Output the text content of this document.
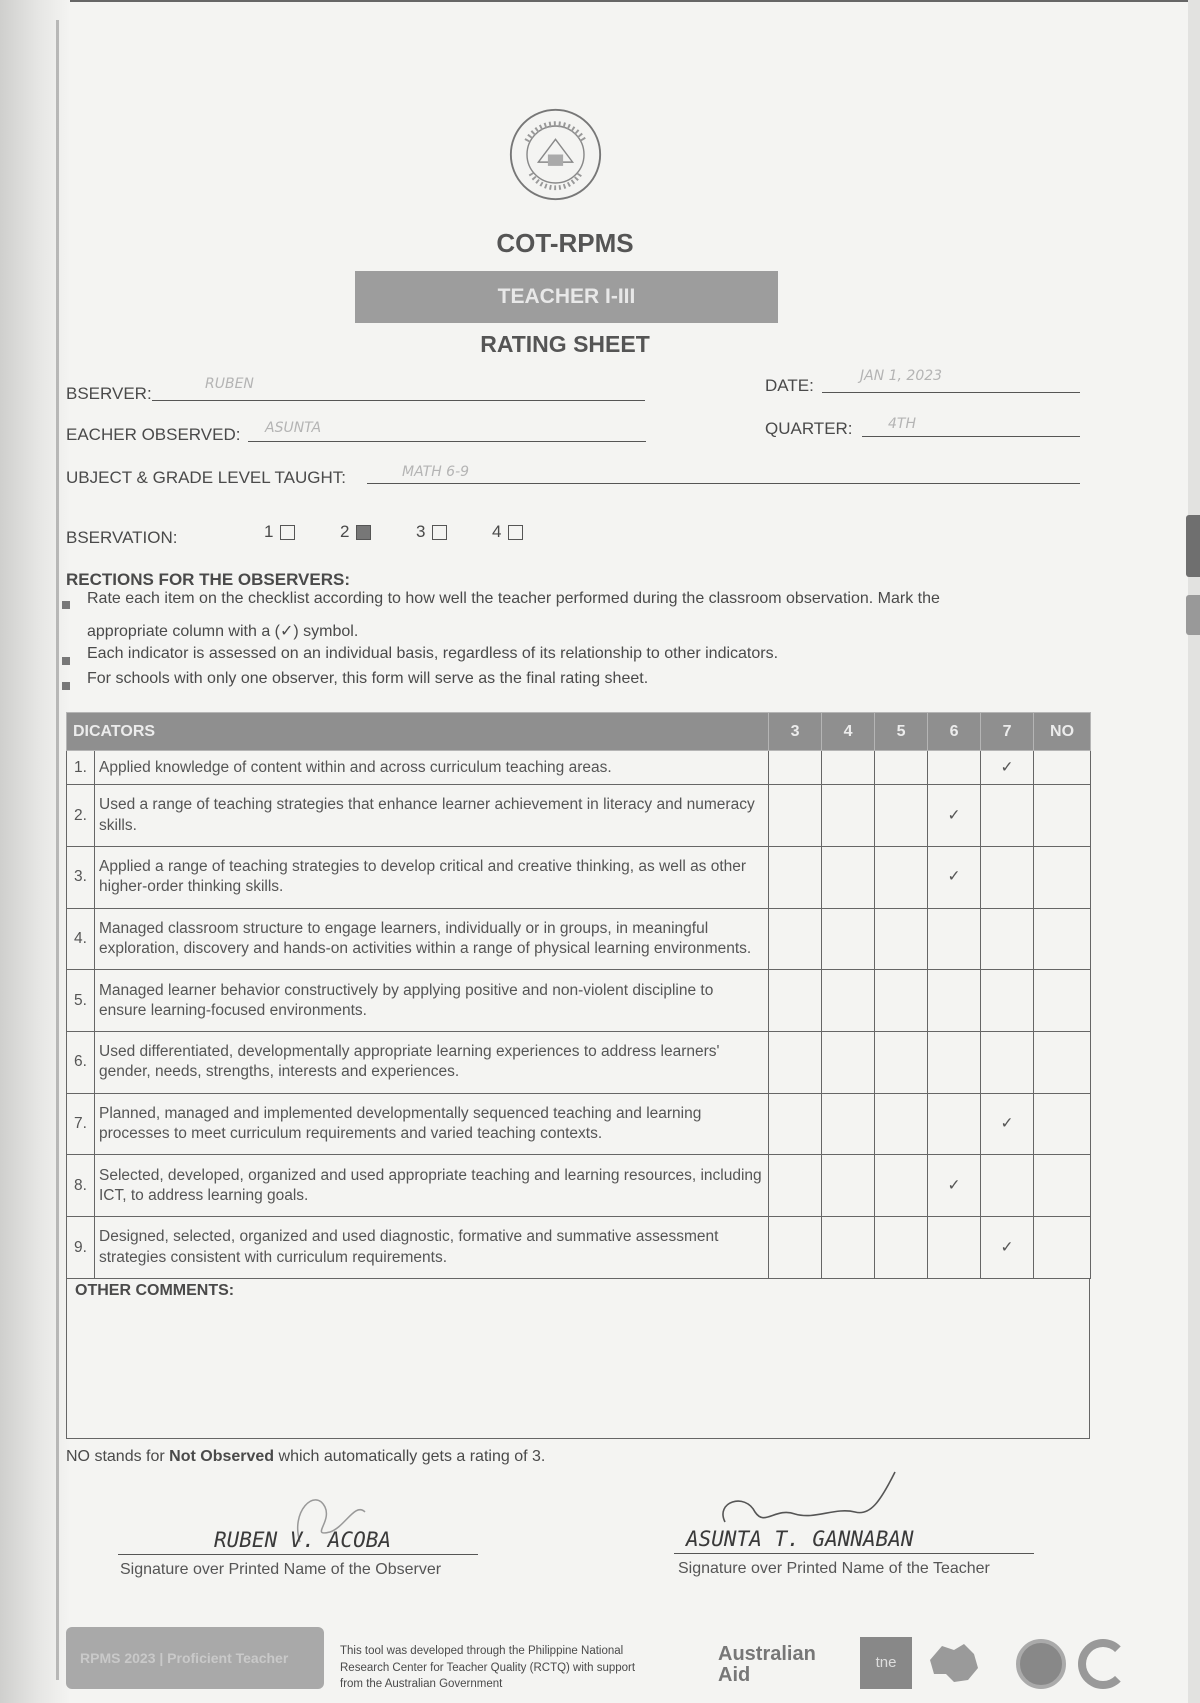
COT-RPMS
TEACHER I-III
RATING SHEET
BSERVER:	RUBEN	DATE:	JAN 1, 2023
EACHER OBSERVED: ASUNTA	QUARTER:	4TH
UBJECT & GRADE LEVEL TAUGHT:	MATH 6-9
BSERVATION:	1	2	3	4
RECTIONS FOR THE OBSERVERS:
Rate each item on the checklist according to how well the teacher performed during the classroom observation. Mark the
appropriate column with a (✓) symbol.
Each indicator is assessed on an individual basis, regardless of its relationship to other indicators.
For schools with only one observer, this form will serve as the final rating sheet.
DICATORS		3	4	5	6	7	NO
1.	Applied knowledge of content within and across curriculum teaching areas.					✓	
2.	Used a range of teaching strategies that enhance learner achievement in literacy and numeracy skills.				✓		
3.	Applied a range of teaching strategies to develop critical and creative thinking, as well as other higher-order thinking skills.				✓		
4.	Managed classroom structure to engage learners, individually or in groups, in meaningful exploration, discovery and hands-on activities within a range of physical learning environments.						
5.	Managed learner behavior constructively by applying positive and non-violent discipline to ensure learning-focused environments.						
6.	Used differentiated, developmentally appropriate learning experiences to address learners' gender, needs, strengths, interests and experiences.						
7.	Planned, managed and implemented developmentally sequenced teaching and learning processes to meet curriculum requirements and varied teaching contexts.					✓	
8.	Selected, developed, organized and used appropriate teaching and learning resources, including ICT, to address learning goals.				✓		
9.	Designed, selected, organized and used diagnostic, formative and summative assessment strategies consistent with curriculum requirements.					✓	
OTHER COMMENTS:
NO stands for Not Observed which automatically gets a rating of 3.
RUBEN V. ACOBA
Signature over Printed Name of the Observer
ASUNTA T. GANNABAN
Signature over Printed Name of the Teacher
RPMS 2023 | Proficient Teacher	This tool was developed through the Philippine National
Research Center for Teacher Quality (RCTQ) with support
from the Australian Government
Australian
Aid
tne
